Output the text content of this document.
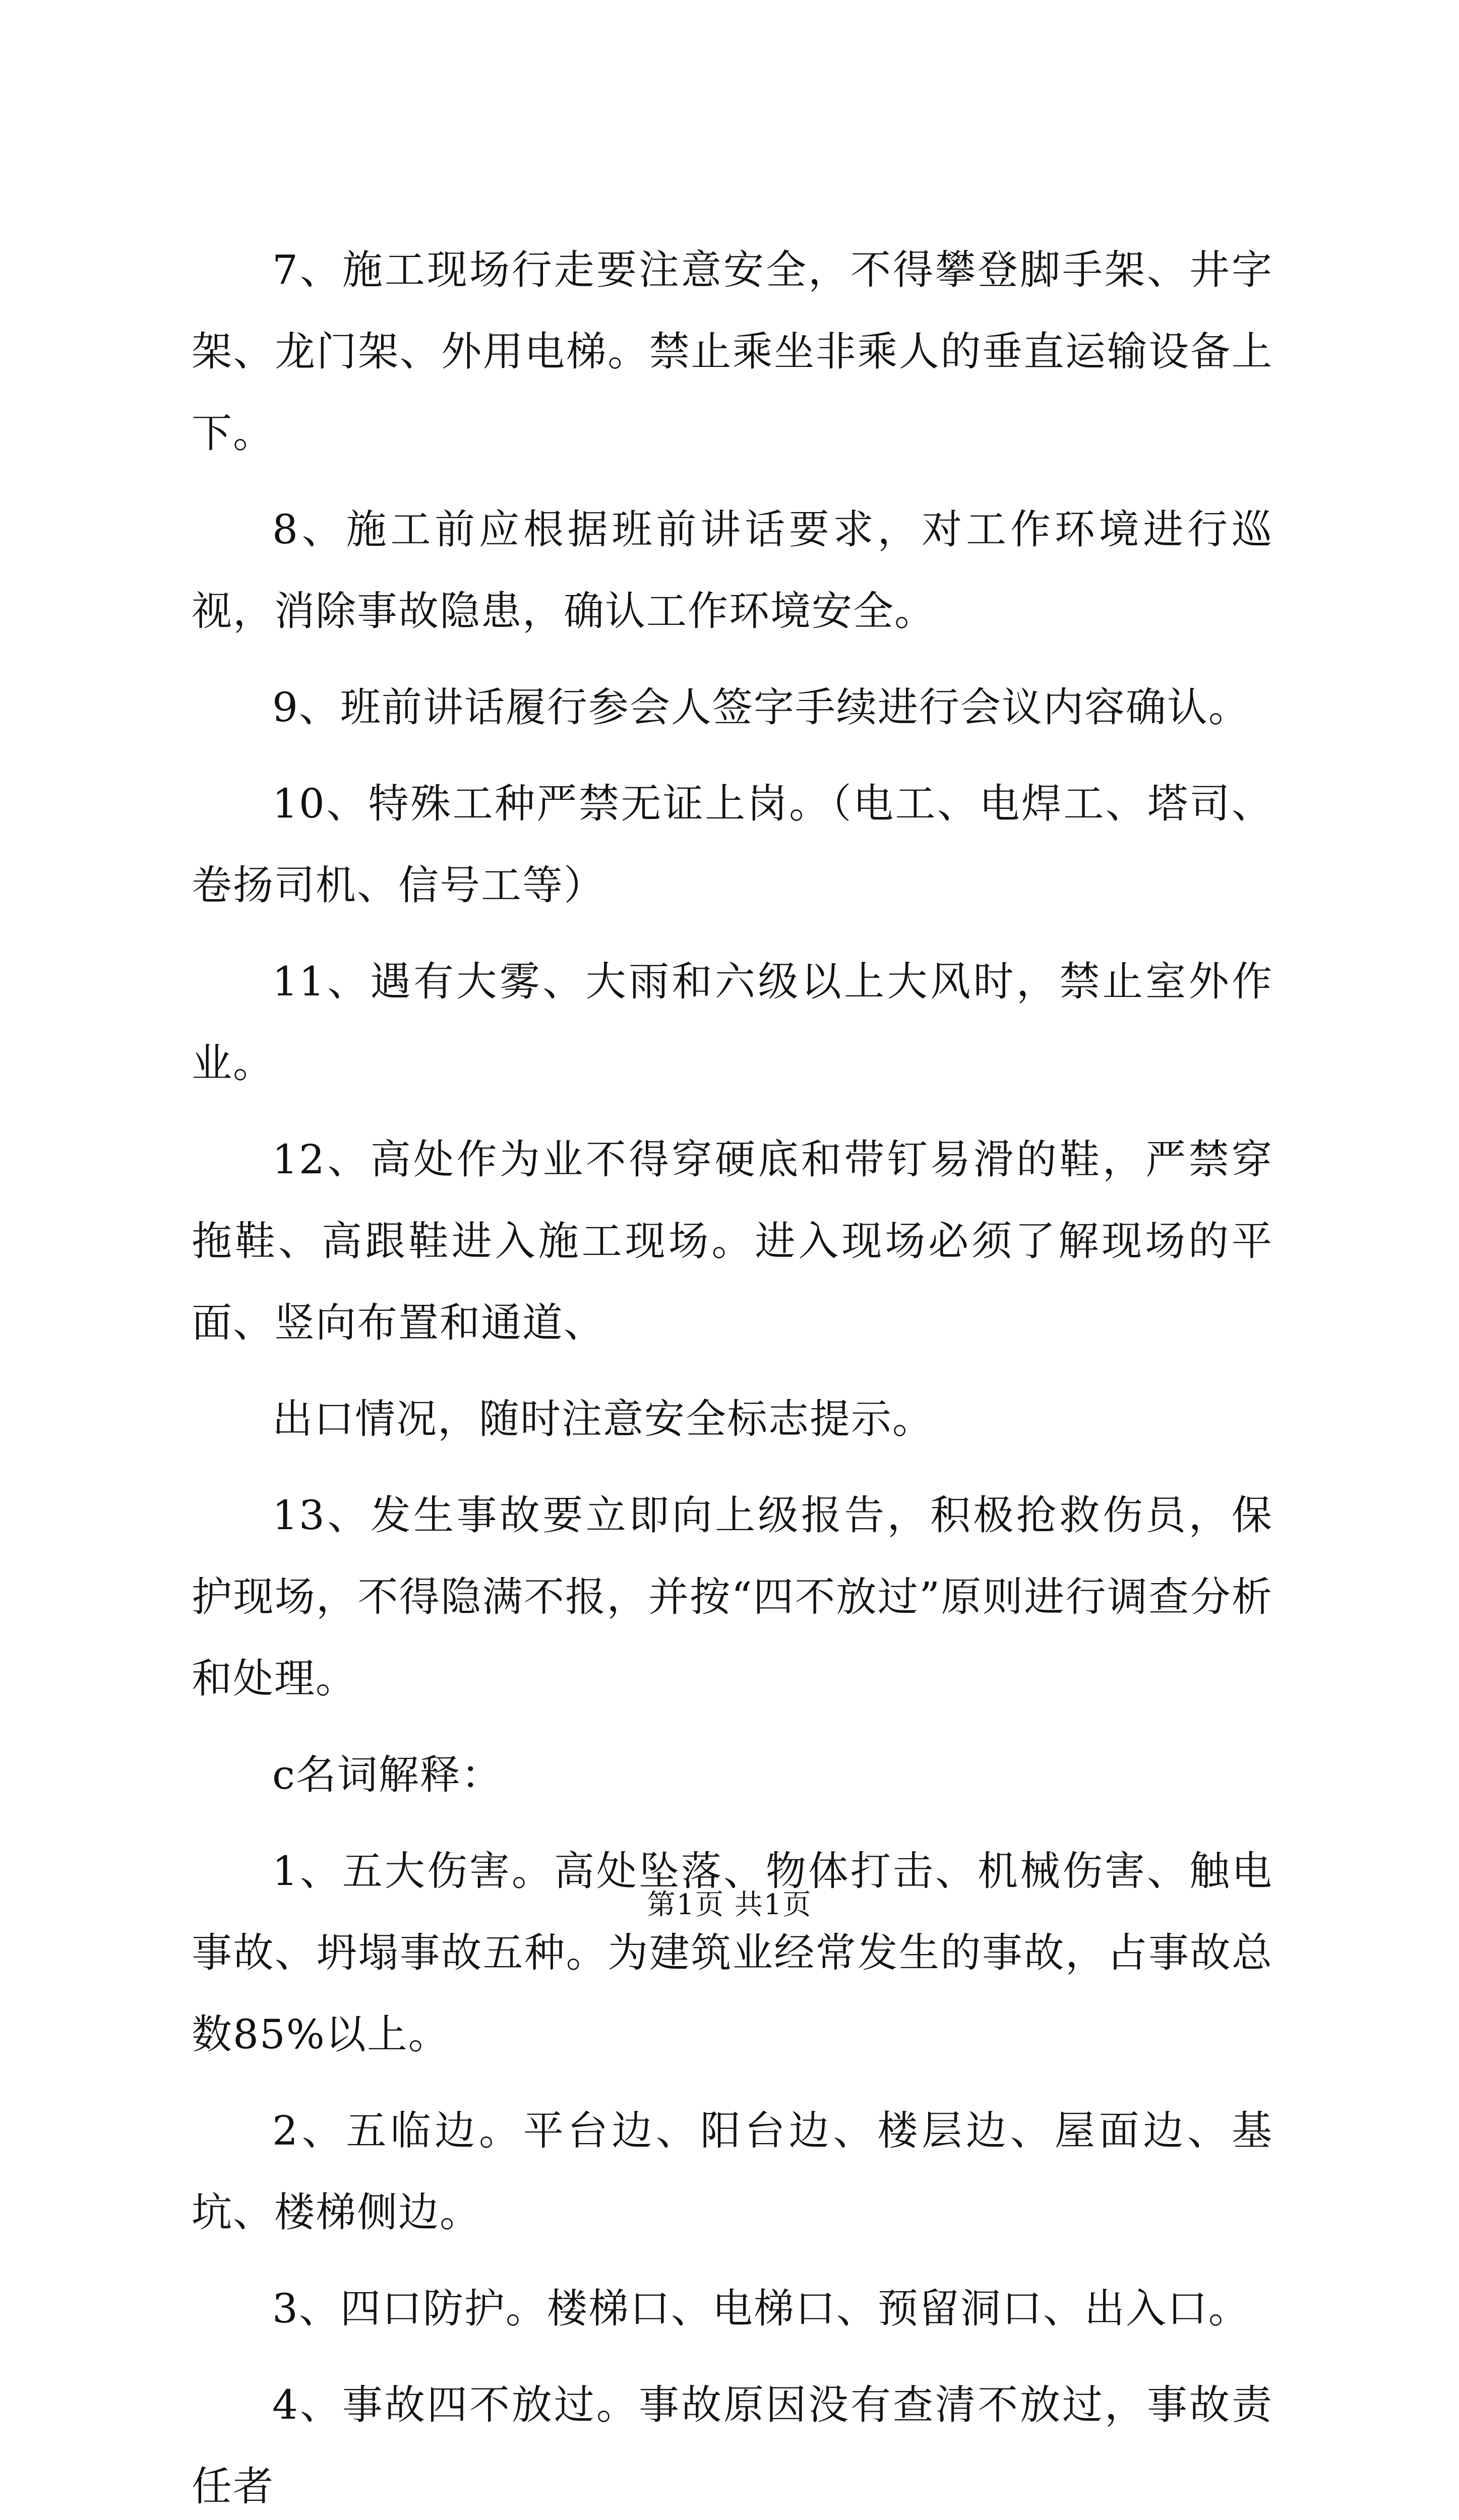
7、施工现场行走要注意安全，不得攀登脚手架、井字架、龙门架、外用电梯。禁止乘坐非乘人的垂直运输设备上下。

8、施工前应根据班前讲话要求，对工作环境进行巡视，消除事故隐患，确认工作环境安全。

9、班前讲话履行参会人签字手续进行会议内容确认。

10、特殊工种严禁无证上岗。（电工、电焊工、塔司、卷扬司机、信号工等）

11、遇有大雾、大雨和六级以上大风时，禁止室外作业。

12、高处作为业不得穿硬底和带钉易滑的鞋，严禁穿拖鞋、高跟鞋进入施工现场。进入现场必须了解现场的平面、竖向布置和通道、

出口情况，随时注意安全标志提示。

13、发生事故要立即向上级报告，积极抢救伤员，保护现场，不得隐满不报，并按“四不放过”原则进行调查分析和处理。

c名词解释：

1、五大伤害。高处坠落、物体打击、机械伤害、触电事故、坍塌事故五种。为建筑业经常发生的事故，占事故总数85%以上。

2、五临边。平台边、阳台边、楼层边、屋面边、基坑、楼梯侧边。

3、四口防护。楼梯口、电梯口、预留洞口、出入口。

4、事故四不放过。事故原因没有查清不放过，事故责任者

第1页 共1页
